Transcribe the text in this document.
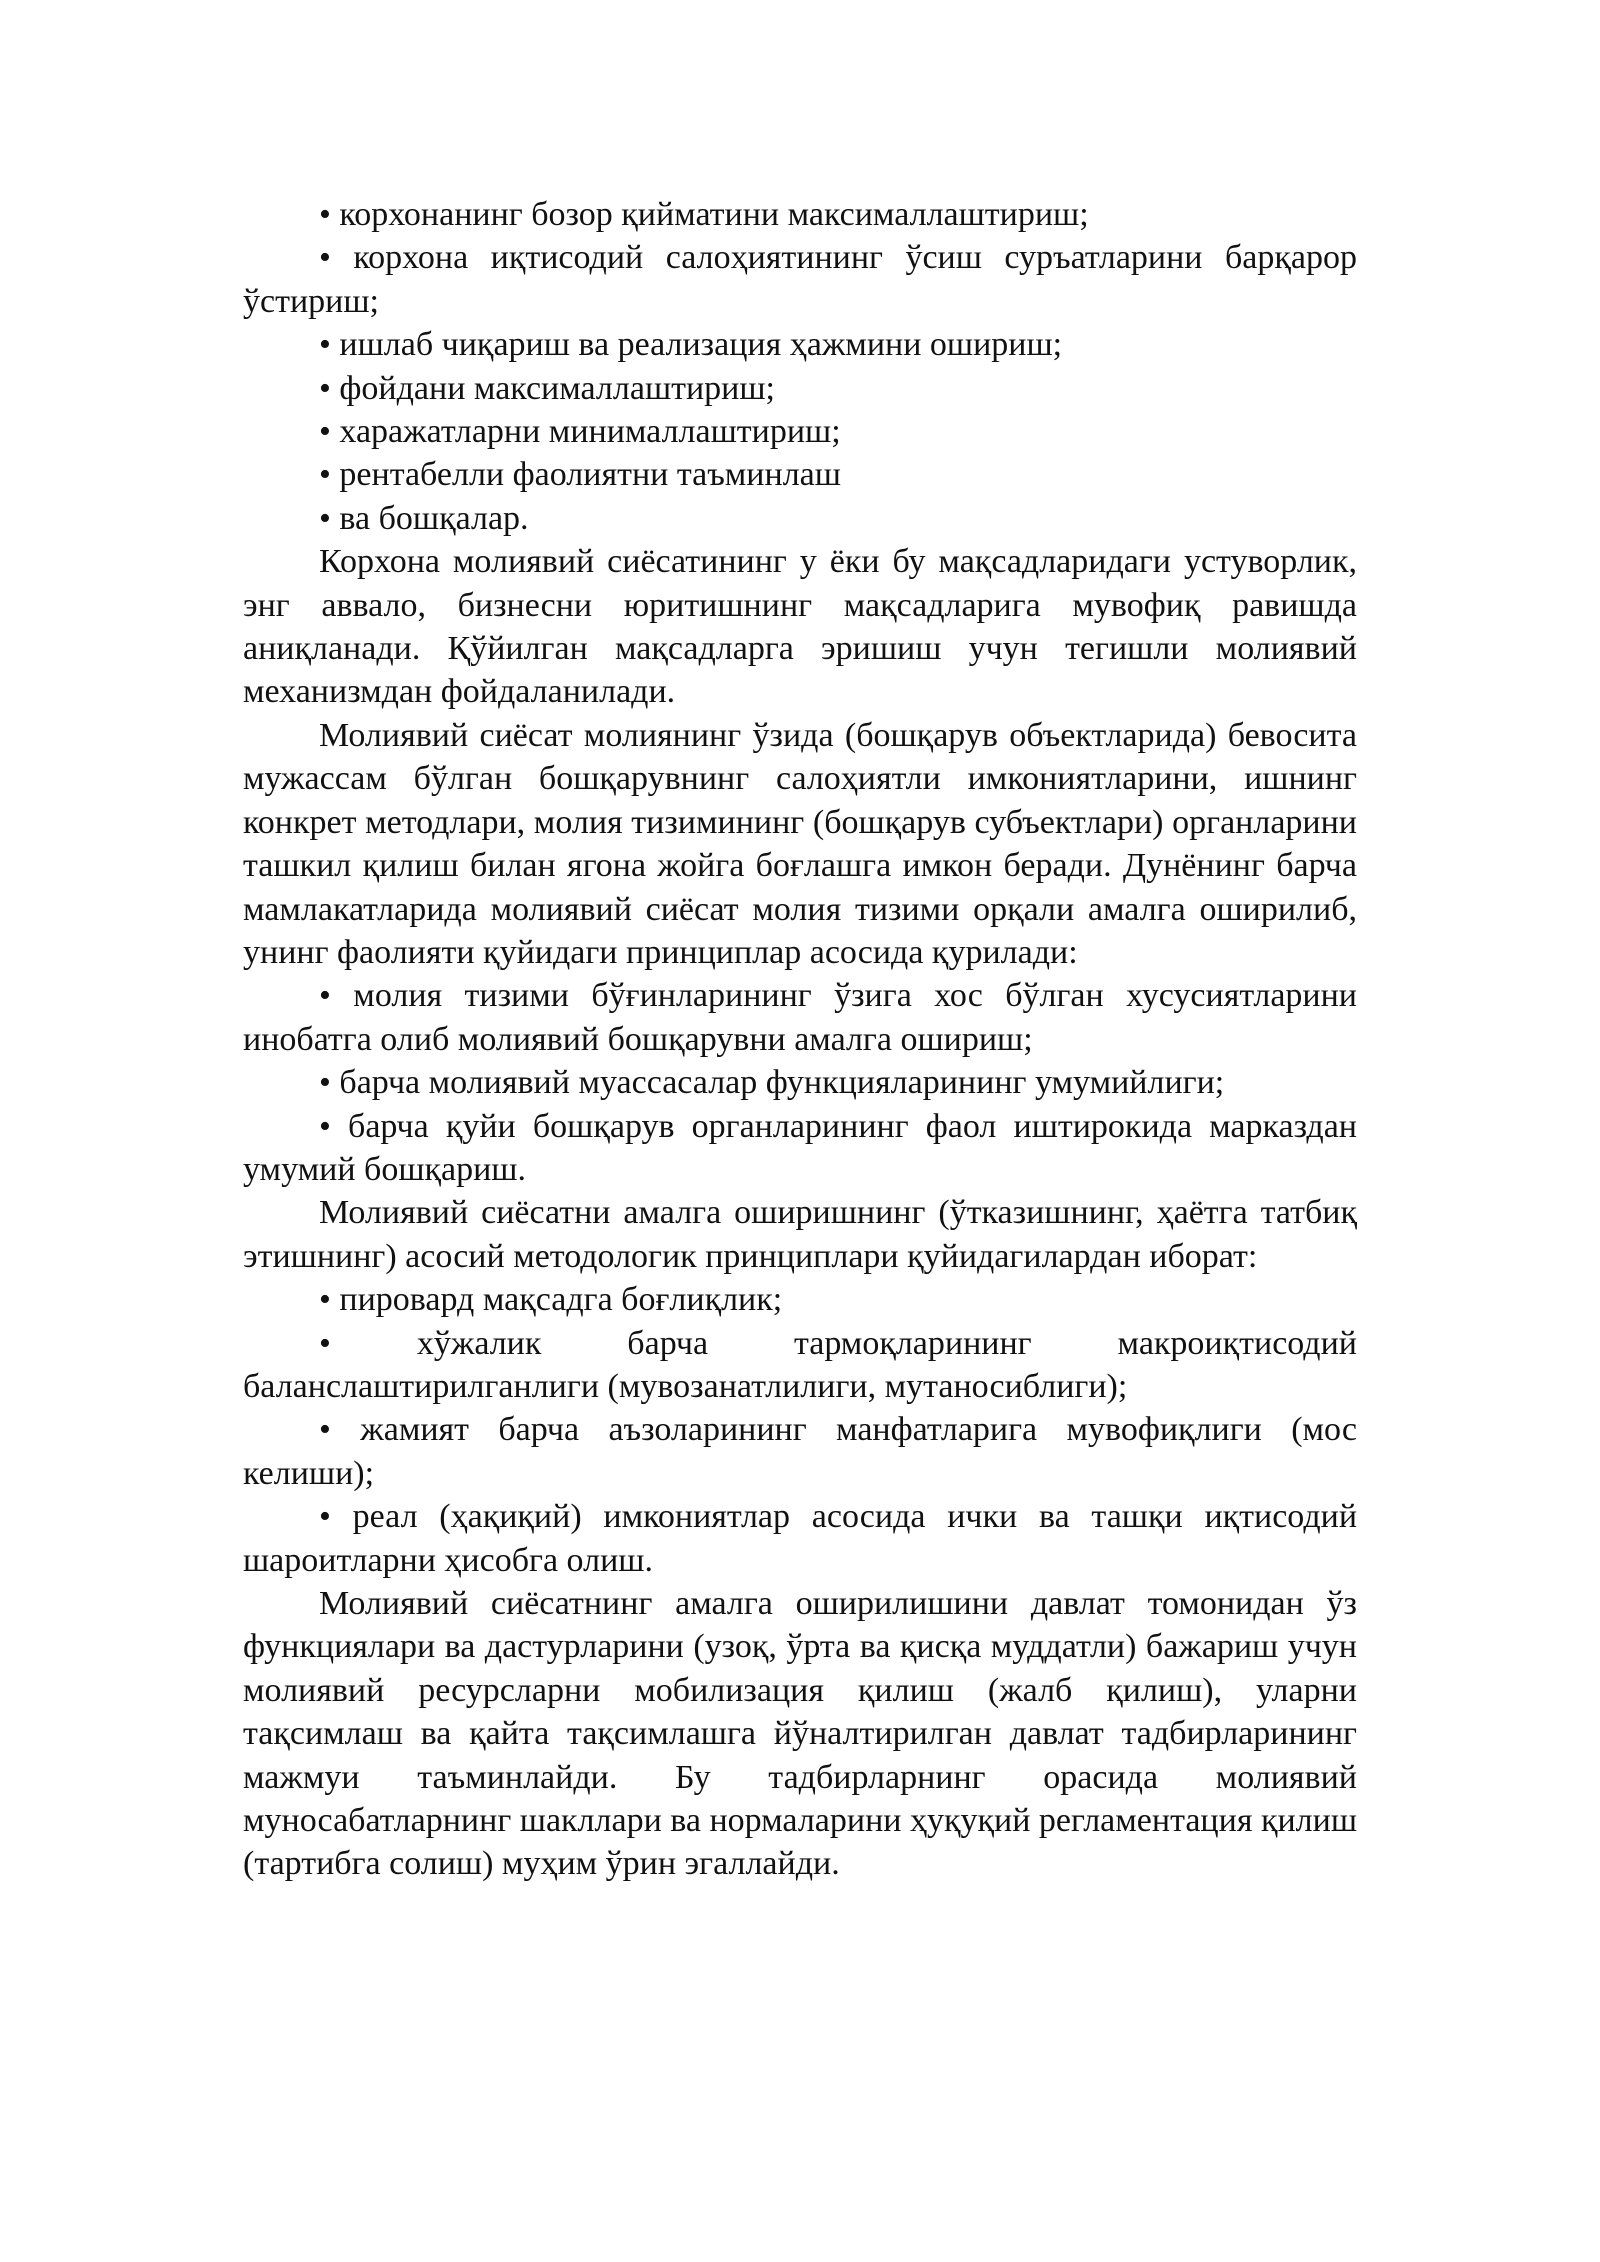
• корхонанинг бозор қийматини максималлаштириш;

• корхона иқтисодий салоҳиятининг ўсиш суръатларини барқарор ўстириш;

• ишлаб чиқариш ва реализация ҳажмини ошириш;

• фойдани максималлаштириш;

• харажатларни минималлаштириш;

• рентабелли фаолиятни таъминлаш

• ва бошқалар.

Корхона молиявий сиёсатининг у ёки бу мақсадларидаги устуворлик, энг аввало, бизнесни юритишнинг мақсадларига мувофиқ равишда аниқланади. Қўйилган мақсадларга эришиш учун тегишли молиявий механизмдан фойдаланилади.

Молиявий сиёсат молиянинг ўзида (бошқарув объектларида) бевосита мужассам бўлган бошқарувнинг салоҳиятли имкониятларини, ишнинг конкрет методлари, молия тизимининг (бошқарув субъектлари) органларини ташкил қилиш билан ягона жойга боғлашга имкон беради. Дунёнинг барча мамлакатларида молиявий сиёсат молия тизими орқали амалга оширилиб, унинг фаолияти қуйидаги принциплар асосида қурилади:

• молия тизими бўғинларининг ўзига хос бўлган хусусиятларини инобатга олиб молиявий бошқарувни амалга ошириш;

• барча молиявий муассасалар функцияларининг умумийлиги;

• барча қуйи бошқарув органларининг фаол иштирокида марказдан умумий бошқариш.

Молиявий сиёсатни амалга оширишнинг (ўтказишнинг, ҳаётга татбиқ этишнинг) асосий методологик принциплари қуйидагилардан иборат:

• пировард мақсадга боғлиқлик;

• хўжалик барча тармоқларининг макроиқтисодий баланслаштирилганлиги (мувозанатлилиги, мутаносиблиги);

• жамият барча аъзоларининг манфатларига мувофиқлиги (мос келиши);

• реал (ҳақиқий) имкониятлар асосида ички ва ташқи иқтисодий шароитларни ҳисобга олиш.

Молиявий сиёсатнинг амалга оширилишини давлат томонидан ўз функциялари ва дастурларини (узоқ, ўрта ва қисқа муддатли) бажариш учун молиявий ресурсларни мобилизация қилиш (жалб қилиш), уларни тақсимлаш ва қайта тақсимлашга йўналтирилган давлат тадбирларининг мажмуи таъминлайди. Бу тадбирларнинг орасида молиявий муносабатларнинг шакллари ва нормаларини ҳуқуқий регламентация қилиш (тартибга солиш) муҳим ўрин эгаллайди.
